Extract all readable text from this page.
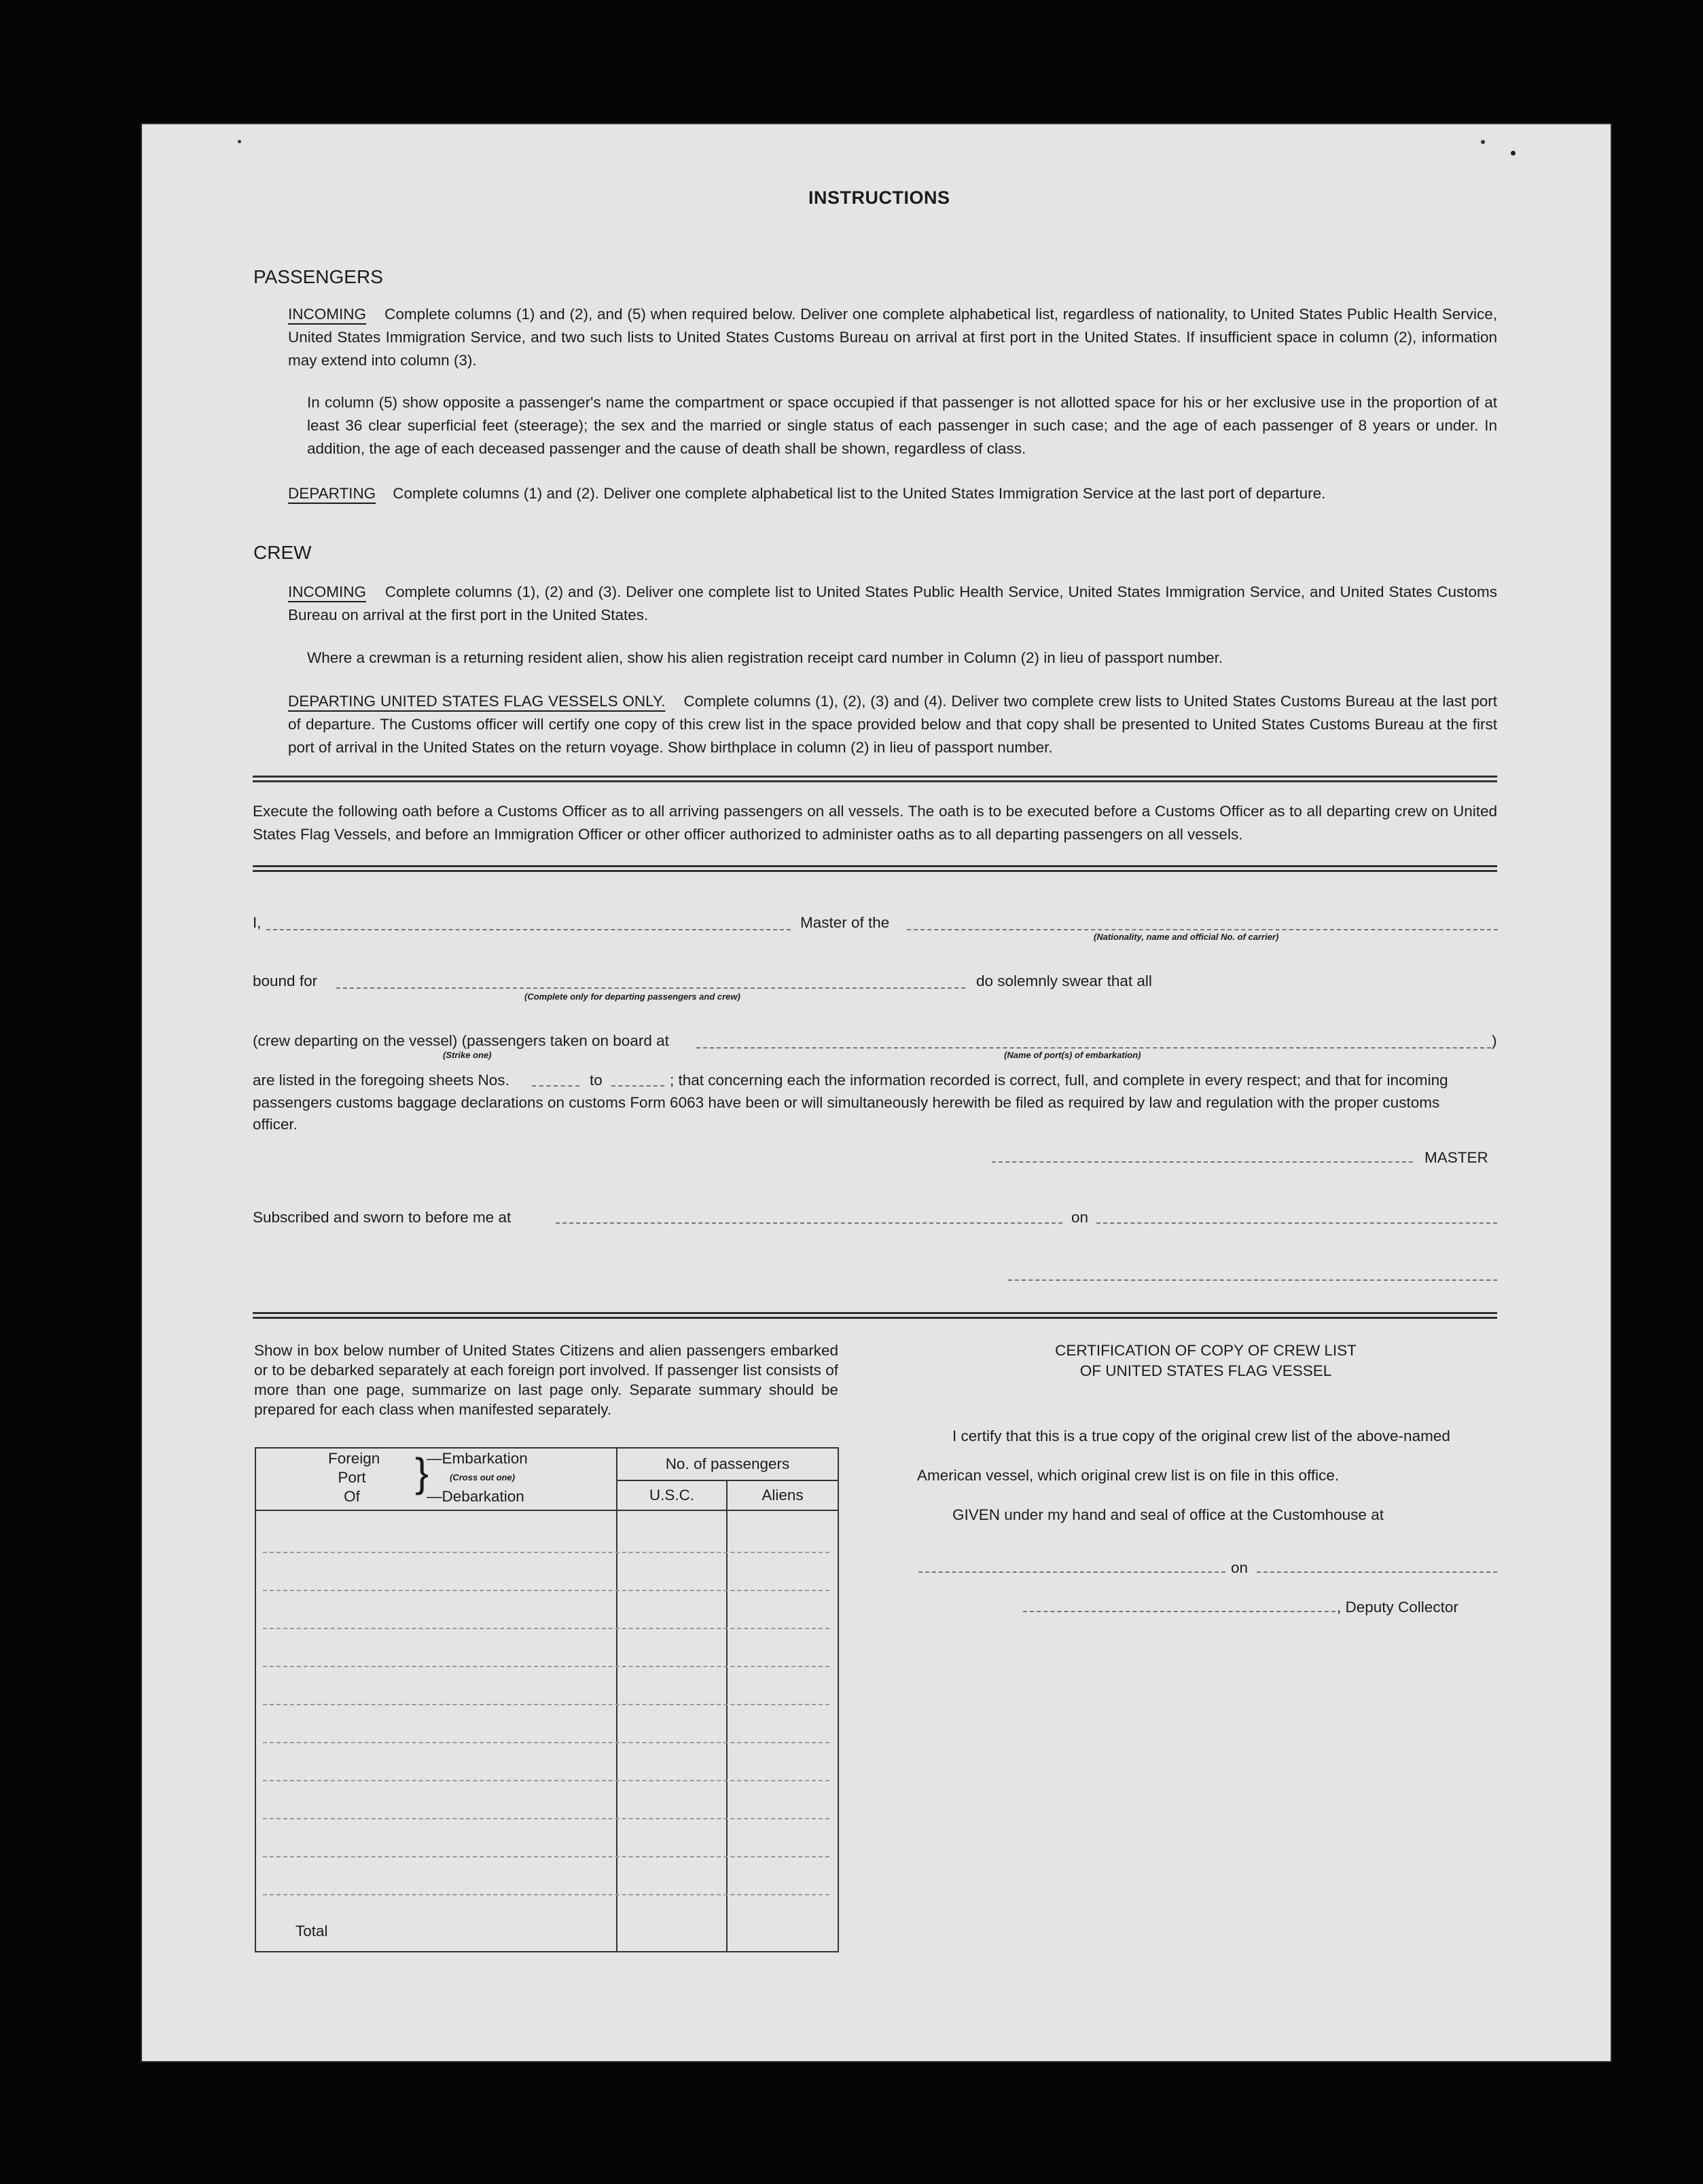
INSTRUCTIONS
PASSENGERS
INCOMING Complete columns (1) and (2), and (5) when required below. Deliver one complete alphabetical list, regardless of nationality, to United States Public Health Service, United States Immigration Service, and two such lists to United States Customs Bureau on arrival at first port in the United States. If insufficient space in column (2), information may extend into column (3).
In column (5) show opposite a passenger's name the compartment or space occupied if that passenger is not allotted space for his or her exclusive use in the proportion of at least 36 clear superficial feet (steerage); the sex and the married or single status of each passenger in such case; and the age of each passenger of 8 years or under. In addition, the age of each deceased passenger and the cause of death shall be shown, regardless of class.
DEPARTING Complete columns (1) and (2). Deliver one complete alphabetical list to the United States Immigration Service at the last port of departure.
CREW
INCOMING Complete columns (1), (2) and (3). Deliver one complete list to United States Public Health Service, United States Immigration Service, and United States Customs Bureau on arrival at the first port in the United States.
Where a crewman is a returning resident alien, show his alien registration receipt card number in Column (2) in lieu of passport number.
DEPARTING UNITED STATES FLAG VESSELS ONLY. Complete columns (1), (2), (3) and (4). Deliver two complete crew lists to United States Customs Bureau at the last port of departure. The Customs officer will certify one copy of this crew list in the space provided below and that copy shall be presented to United States Customs Bureau at the first port of arrival in the United States on the return voyage. Show birthplace in column (2) in lieu of passport number.
Execute the following oath before a Customs Officer as to all arriving passengers on all vessels. The oath is to be executed before a Customs Officer as to all departing crew on United States Flag Vessels, and before an Immigration Officer or other officer authorized to administer oaths as to all departing passengers on all vessels.
I,	Master of the
(Nationality, name and official No. of carrier)
bound for
(Complete only for departing passengers and crew)
do solemnly swear that all
(crew departing on the vessel) (passengers taken on board at	)
(Strike one)	(Name of port(s) of embarkation)
are listed in the foregoing sheets Nos.	to	; that concerning each the information recorded is correct, full, and complete in every respect; and that for incoming
passengers customs baggage declarations on customs Form 6063 have been or will simultaneously herewith be filed as required by law and regulation with the proper customs
officer.
MASTER
Subscribed and sworn to before me at	on
Show in box below number of United States Citizens and alien passengers embarked or to be debarked separately at each foreign port involved. If passenger list consists of more than one page, summarize on last page only. Separate summary should be prepared for each class when manifested separately.
Foreign
Port
Of
}
—Embarkation
(Cross out one)
—Debarkation
No. of passengers
U.S.C.	Aliens
Total
CERTIFICATION OF COPY OF CREW LIST
OF UNITED STATES FLAG VESSEL
I certify that this is a true copy of the original crew list of the above-named
American vessel, which original crew list is on file in this office.
GIVEN under my hand and seal of office at the Customhouse at
on
, Deputy Collector
